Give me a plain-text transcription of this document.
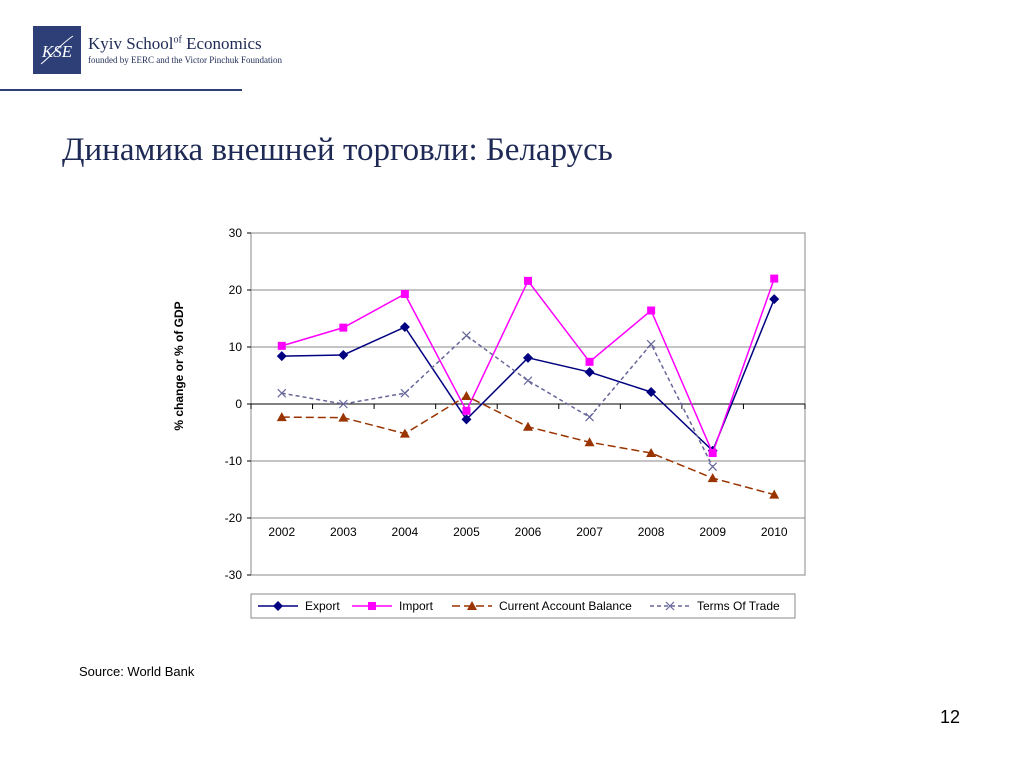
KSE Kyiv School$^{of}$ Economics
founded by EERC and the Victor Pinchuk Foundation
Динамика внешней торговли: Беларусь
30
20
10
0
-10
-20
-30
2002	2003	2004	2005	2006	2007	2008	2009	2010
% change or % of GDP
Export	Import	Current Account Balance	Terms Of Trade
Source: World Bank
12
